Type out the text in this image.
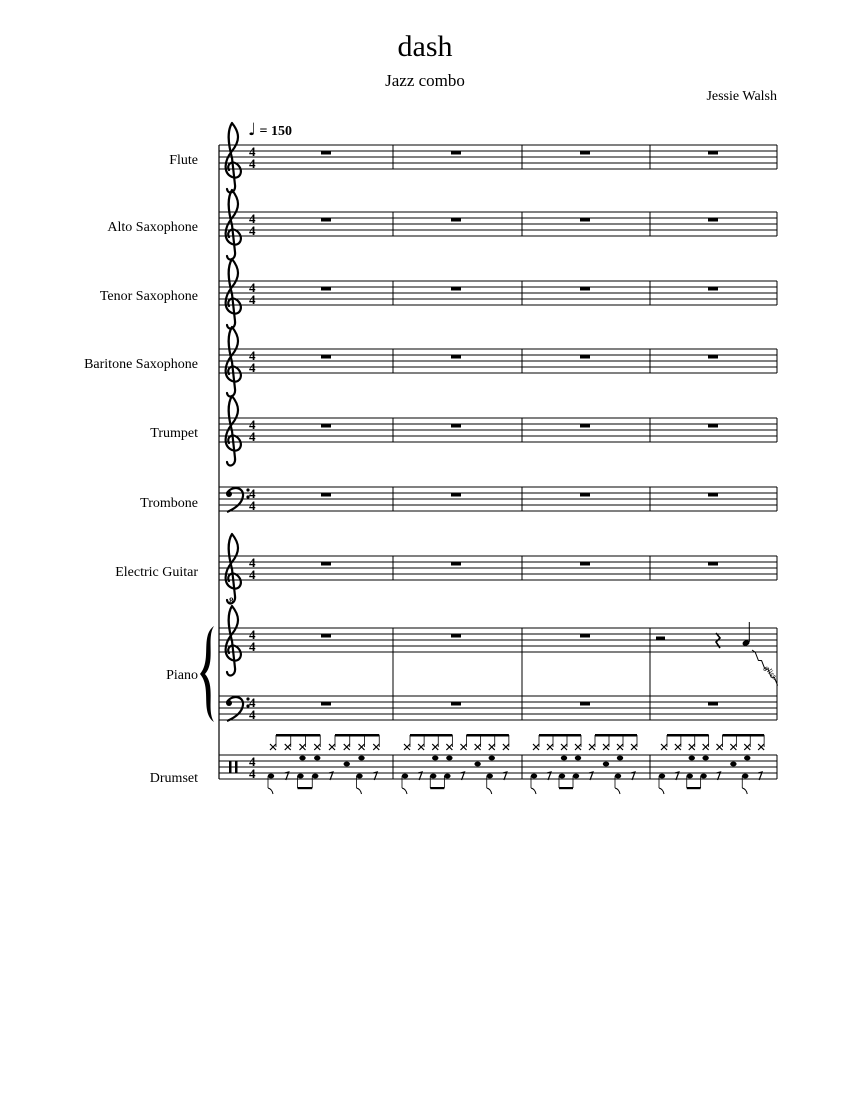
dash
Jazz combo
Jessie Walsh
♩ = 150
Flute
Alto Saxophone
Tenor Saxophone
Baritone Saxophone
Trumpet
Trombone
Electric Guitar
Piano
Drumset
4
4
4
4
4
4
4
4
4
4
4
4
8
4
4
4
4
4
4
gliss.
4
4
